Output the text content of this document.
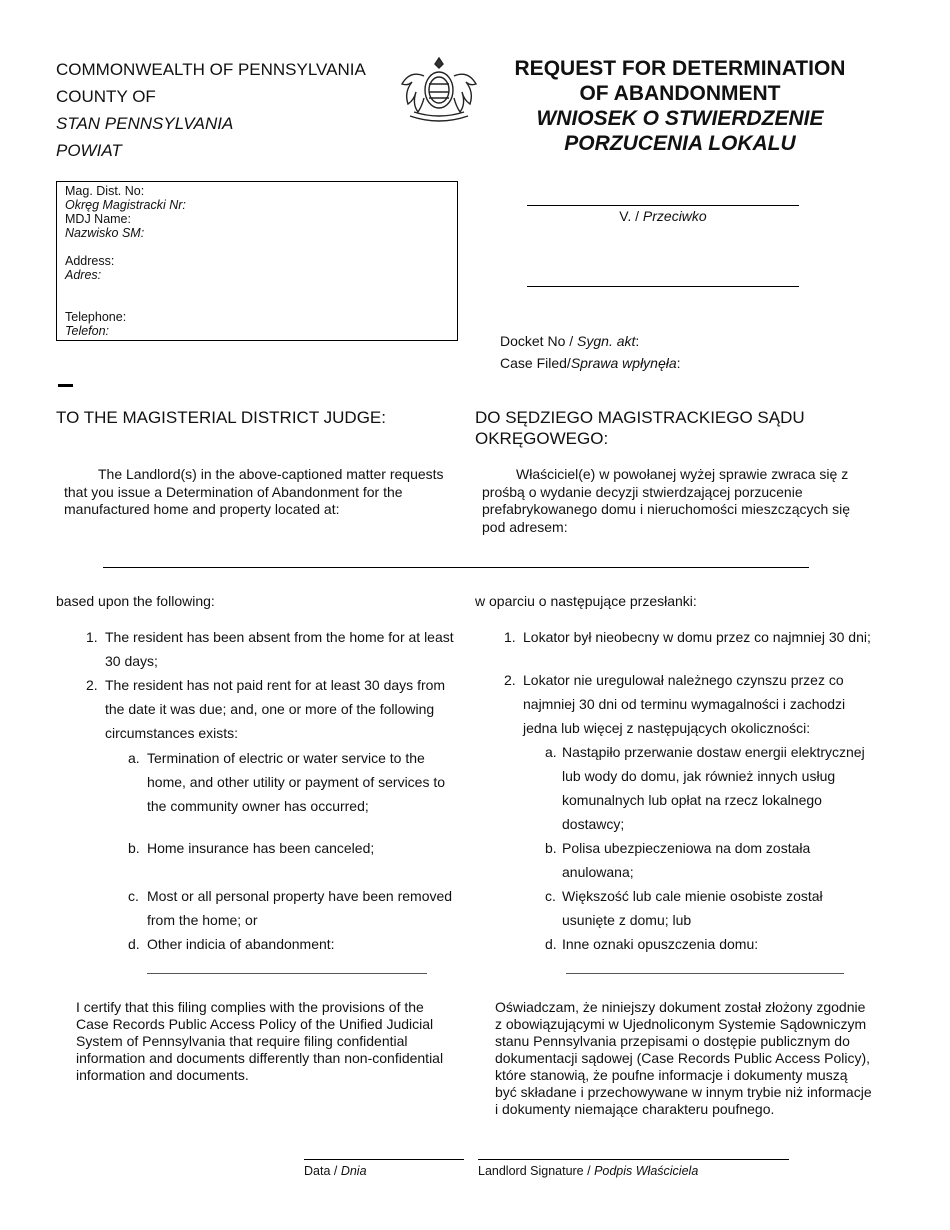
COMMONWEALTH OF PENNSYLVANIA
COUNTY OF
STAN PENNSYLVANIA
POWIAT
REQUEST FOR DETERMINATION
OF ABANDONMENT
WNIOSEK O STWIERDZENIE
PORZUCENIA LOKALU
Mag. Dist. No:
Okręg Magistracki Nr:
MDJ Name:
Nazwisko SM:
Address:
Adres:
Telephone:
Telefon:
V. / Przeciwko
Docket No / Sygn. akt:
Case Filed/Sprawa wpłynęła:
TO THE MAGISTERIAL DISTRICT JUDGE:	DO SĘDZIEGO MAGISTRACKIEGO SĄDU OKRĘGOWEGO:
The Landlord(s) in the above-captioned matter requests that you issue a Determination of Abandonment for the manufactured home and property located at:
Właściciel(e) w powołanej wyżej sprawie zwraca się z prośbą o wydanie decyzji stwierdzającej porzucenie prefabrykowanego domu i nieruchomości mieszczących się pod adresem:
based upon the following:	w oparciu o następujące przesłanki:
1. The resident has been absent from the home for at least 30 days;
2. The resident has not paid rent for at least 30 days from the date it was due; and, one or more of the following circumstances exists:
a. Termination of electric or water service to the home, and other utility or payment of services to the community owner has occurred;
b. Home insurance has been canceled;
c. Most or all personal property have been removed from the home; or
d. Other indicia of abandonment:
1. Lokator był nieobecny w domu przez co najmniej 30 dni;
2. Lokator nie uregulował należnego czynszu przez co najmniej 30 dni od terminu wymagalności i zachodzi jedna lub więcej z następujących okoliczności:
a. Nastąpiło przerwanie dostaw energii elektrycznej lub wody do domu, jak również innych usług komunalnych lub opłat na rzecz lokalnego dostawcy;
b. Polisa ubezpieczeniowa na dom została anulowana;
c. Większość lub cale mienie osobiste został usunięte z domu; lub
d. Inne oznaki opuszczenia domu:
I certify that this filing complies with the provisions of the Case Records Public Access Policy of the Unified Judicial System of Pennsylvania that require filing confidential information and documents differently than non-confidential information and documents.
Oświadczam, że niniejszy dokument został złożony zgodnie z obowiązującymi w Ujednoliconym Systemie Sądowniczym stanu Pennsylvania przepisami o dostępie publicznym do dokumentacji sądowej (Case Records Public Access Policy), które stanowią, że poufne informacje i dokumenty muszą być składane i przechowywane w innym trybie niż informacje i dokumenty niemające charakteru poufnego.
Data / Dnia	Landlord Signature / Podpis Właściciela
